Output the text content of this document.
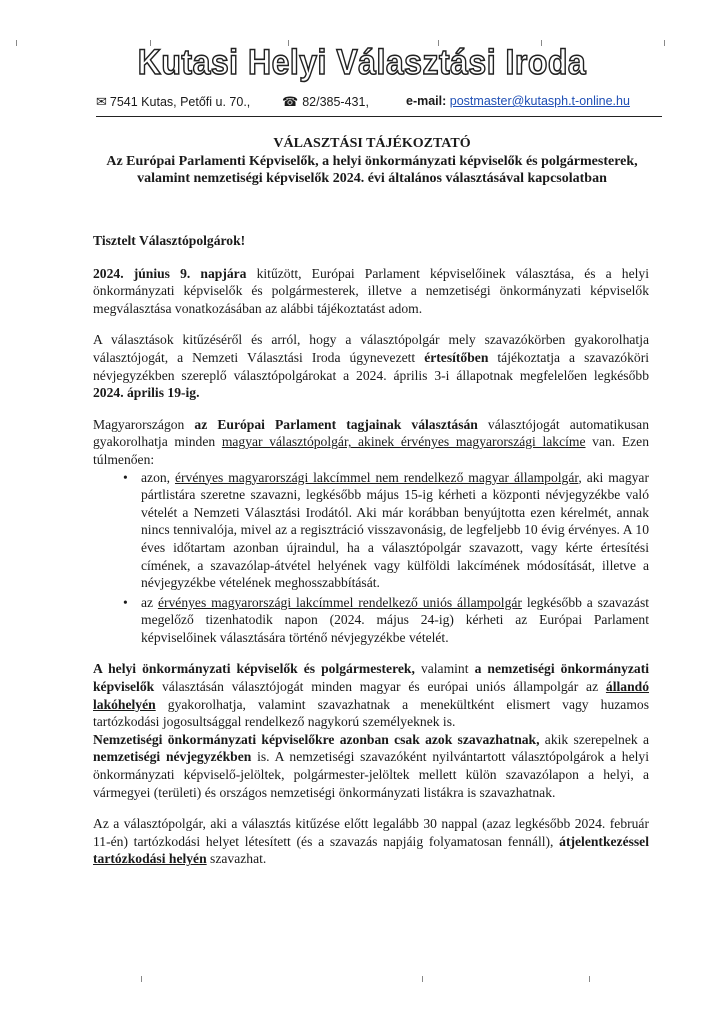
Kutasi Helyi Választási Iroda
✉ 7541 Kutas, Petőfi u. 70., ☎ 82/385-431,	e-mail: postmaster@kutasph.t-online.hu

VÁLASZTÁSI TÁJÉKOZTATÓ

Az Európai Parlamenti Képviselők, a helyi önkormányzati képviselők és polgármesterek, valamint nemzetiségi képviselők 2024. évi általános választásával kapcsolatban

Tisztelt Választópolgárok!

2024. június 9. napjára kitűzött, Európai Parlament képviselőinek választása, és a helyi önkormányzati képviselők és polgármesterek, illetve a nemzetiségi önkormányzati képviselők megválasztása vonatkozásában az alábbi tájékoztatást adom.

A választások kitűzéséről és arról, hogy a választópolgár mely szavazókörben gyakorolhatja választójogát, a Nemzeti Választási Iroda úgynevezett értesítőben tájékoztatja a szavazóköri névjegyzékben szereplő választópolgárokat a 2024. április 3-i állapotnak megfelelően legkésőbb 2024. április 19-ig.

Magyarországon az Európai Parlament tagjainak választásán választójogát automatikusan gyakorolhatja minden magyar választópolgár, akinek érvényes magyarországi lakcíme van. Ezen túlmenően:

• azon, érvényes magyarországi lakcímmel nem rendelkező magyar állampolgár, aki magyar pártlistára szeretne szavazni, legkésőbb május 15-ig kérheti a központi névjegyzékbe való vételét a Nemzeti Választási Irodától. Aki már korábban benyújtotta ezen kérelmét, annak nincs tennivalója, mivel az a regisztráció visszavonásig, de legfeljebb 10 évig érvényes. A 10 éves időtartam azonban újraindul, ha a választópolgár szavazott, vagy kérte értesítési címének, a szavazólap-átvétel helyének vagy külföldi lakcímének módosítását, illetve a névjegyzékbe vételének meghosszabbítását.
• az érvényes magyarországi lakcímmel rendelkező uniós állampolgár legkésőbb a szavazást megelőző tizenhatodik napon (2024. május 24-ig) kérheti az Európai Parlament képviselőinek választására történő névjegyzékbe vételét.

A helyi önkormányzati képviselők és polgármesterek, valamint a nemzetiségi önkormányzati képviselők választásán választójogát minden magyar és európai uniós állampolgár az állandó lakóhelyén gyakorolhatja, valamint szavazhatnak a menekültként elismert vagy huzamos tartózkodási jogosultsággal rendelkező nagykorú személyeknek is.

Nemzetiségi önkormányzati képviselőkre azonban csak azok szavazhatnak, akik szerepelnek a nemzetiségi névjegyzékben is. A nemzetiségi szavazóként nyilvántartott választópolgárok a helyi önkormányzati képviselő-jelöltek, polgármester-jelöltek mellett külön szavazólapon a helyi, a vármegyei (területi) és országos nemzetiségi önkormányzati listákra is szavazhatnak.

Az a választópolgár, aki a választás kitűzése előtt legalább 30 nappal (azaz legkésőbb 2024. február 11-én) tartózkodási helyet létesített (és a szavazás napjáig folyamatosan fennáll), átjelentkezéssel tartózkodási helyén szavazhat.
